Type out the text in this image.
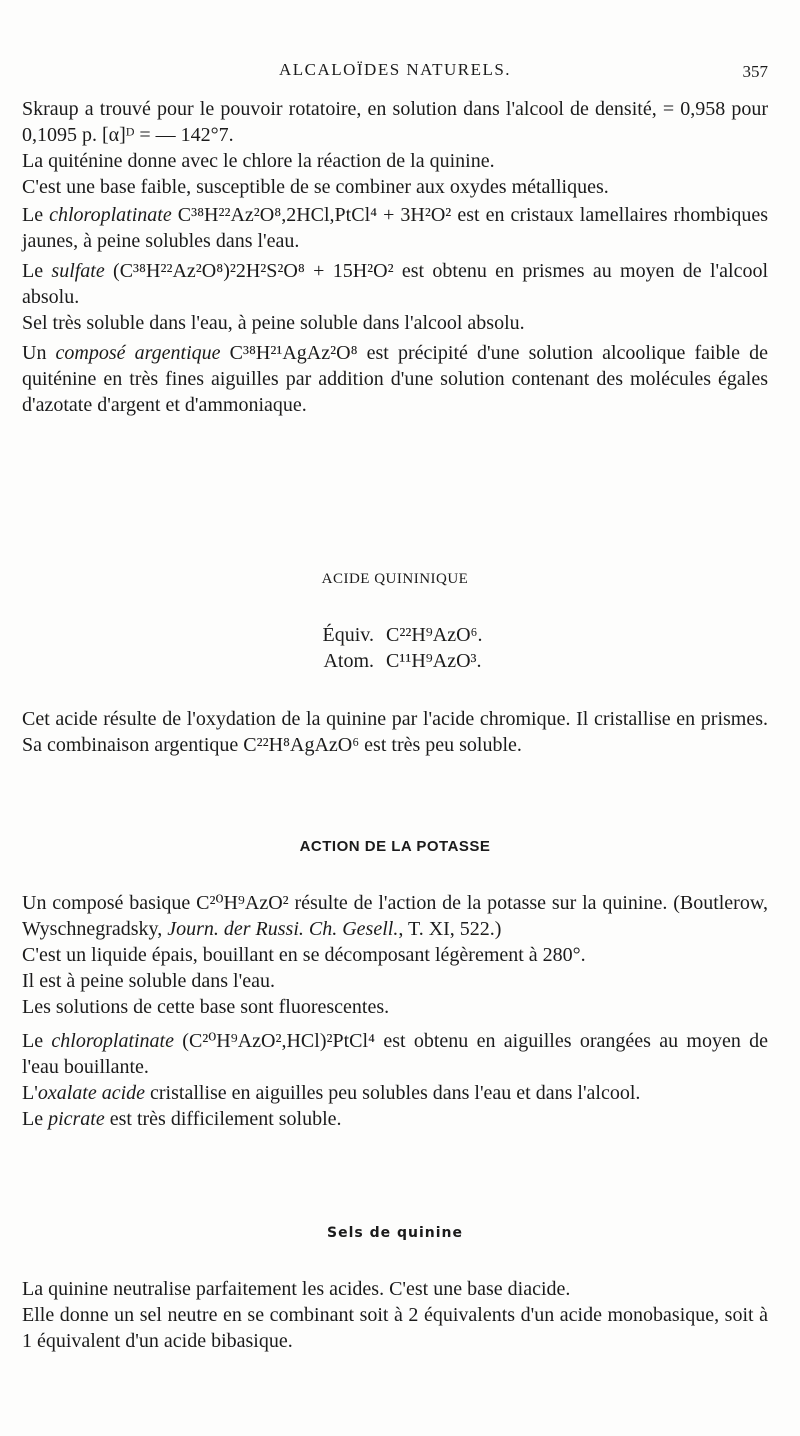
ALCALOÏDES NATURELS.	357

Skraup a trouvé pour le pouvoir rotatoire, en solution dans l'alcool de densité, = 0,958 pour 0,1095 p. [α]ᴰ = — 142°7.

La quiténine donne avec le chlore la réaction de la quinine.

C'est une base faible, susceptible de se combiner aux oxydes métalliques.

Le chloroplatinate C³⁸H²²Az²O⁸,2HCl,PtCl⁴ + 3H²O² est en cristaux lamellaires rhombiques jaunes, à peine solubles dans l'eau.

Le sulfate (C³⁸H²²Az²O⁸)²2H²S²O⁸ + 15H²O² est obtenu en prismes au moyen de l'alcool absolu.

Sel très soluble dans l'eau, à peine soluble dans l'alcool absolu.

Un composé argentique C³⁸H²¹AgAz²O⁸ est précipité d'une solution alcoolique faible de quiténine en très fines aiguilles par addition d'une solution contenant des molécules égales d'azotate d'argent et d'ammoniaque.

ACIDE QUININIQUE

Équiv. C²²H⁹AzO⁶.
Atom. C¹¹H⁹AzO³.

Cet acide résulte de l'oxydation de la quinine par l'acide chromique. Il cristallise en prismes. Sa combinaison argentique C²²H⁸AgAzO⁶ est très peu soluble.

ACTION DE LA POTASSE

Un composé basique C²⁰H⁹AzO² résulte de l'action de la potasse sur la quinine. (Boutlerow, Wyschnegradsky, Journ. der Russi. Ch. Gesell., T. XI, 522.)

C'est un liquide épais, bouillant en se décomposant légèrement à 280°.

Il est à peine soluble dans l'eau.

Les solutions de cette base sont fluorescentes.

Le chloroplatinate (C²⁰H⁹AzO²,HCl)²PtCl⁴ est obtenu en aiguilles orangées au moyen de l'eau bouillante.

L'oxalate acide cristallise en aiguilles peu solubles dans l'eau et dans l'alcool.

Le picrate est très difficilement soluble.

Sels de quinine

La quinine neutralise parfaitement les acides. C'est une base diacide.

Elle donne un sel neutre en se combinant soit à 2 équivalents d'un acide monobasique, soit à 1 équivalent d'un acide bibasique.
